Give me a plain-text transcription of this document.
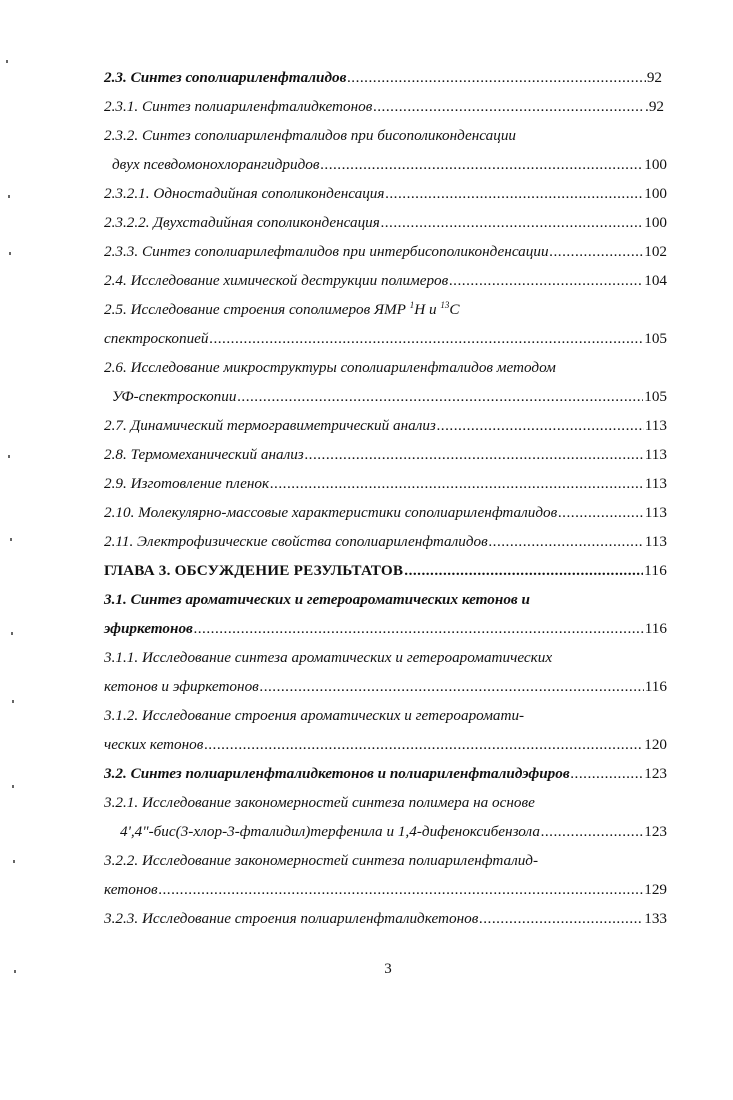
2.3. Синтез сополиариленфталидов .....	92
2.3.1. Синтез полиариленфталидкетонов .....	.92
2.3.2. Синтез сополиариленфталидов при бисополиконденсации
двух псевдомонохлорангидридов .....	100
2.3.2.1. Одностадийная сополиконденсация .....	100
2.3.2.2. Двухстадийная сополиконденсация .....	100
2.3.3. Синтез сополиарилефталидов при интербисополиконденсации .....	102
2.4. Исследование химической деструкции полимеров .....	104
2.5. Исследование строения сополимеров ЯМР $^1$H и $^{13}$C
спектроскопией .....	105
2.6. Исследование микроструктуры сополиариленфталидов методом
УФ-спектроскопии .....	105
2.7. Динамический термогравиметрический анализ .....	113
2.8. Термомеханический анализ .....	113
2.9. Изготовление пленок .....	113
2.10. Молекулярно-массовые характеристики сополиариленфталидов .....	113
2.11. Электрофизические свойства сополиариленфталидов .....	113
ГЛАВА 3. ОБСУЖДЕНИЕ РЕЗУЛЬТАТОВ .....	116
3.1. Синтез ароматических и гетероароматических кетонов и
эфиркетонов .....	116
3.1.1. Исследование синтеза ароматических и гетероароматических
кетонов и эфиркетонов .....	116
3.1.2. Исследование строения ароматических и гетероаромати-
ческих кетонов .....	120
3.2. Синтез полиариленфталидкетонов и полиариленфталидэфиров .....	123
3.2.1. Исследование закономерностей синтеза полимера на основе
4',4"-бис(3-хлор-3-фталидил)терфенила и 1,4-дифеноксибензола .....	123
3.2.2. Исследование закономерностей синтеза полиариленфталид-
кетонов .....	129
3.2.3. Исследование строения полиариленфталидкетонов .....	133
3
